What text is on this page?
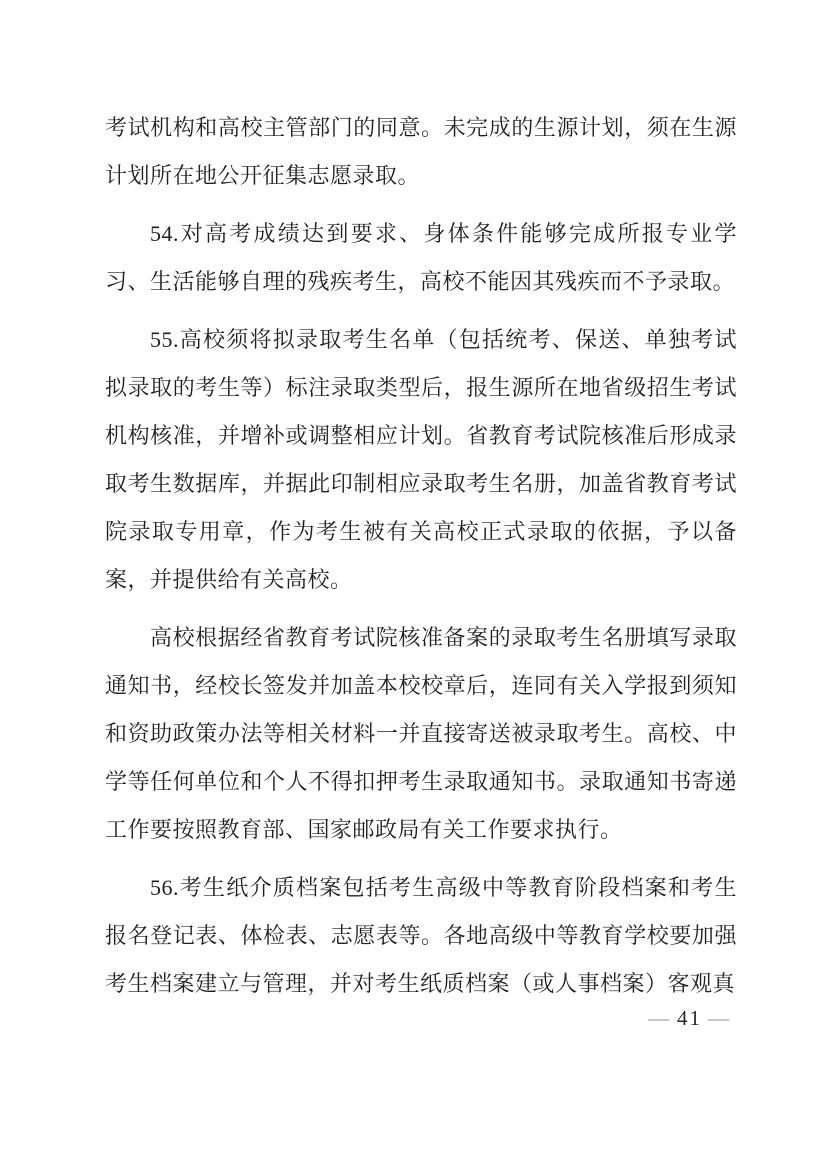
考试机构和高校主管部门的同意。未完成的生源计划，须在生源计划所在地公开征集志愿录取。

54.对高考成绩达到要求、身体条件能够完成所报专业学习、生活能够自理的残疾考生，高校不能因其残疾而不予录取。

55.高校须将拟录取考生名单（包括统考、保送、单独考试拟录取的考生等）标注录取类型后，报生源所在地省级招生考试机构核准，并增补或调整相应计划。省教育考试院核准后形成录取考生数据库，并据此印制相应录取考生名册，加盖省教育考试院录取专用章，作为考生被有关高校正式录取的依据，予以备案，并提供给有关高校。

高校根据经省教育考试院核准备案的录取考生名册填写录取通知书，经校长签发并加盖本校校章后，连同有关入学报到须知和资助政策办法等相关材料一并直接寄送被录取考生。高校、中学等任何单位和个人不得扣押考生录取通知书。录取通知书寄递工作要按照教育部、国家邮政局有关工作要求执行。

56.考生纸介质档案包括考生高级中等教育阶段档案和考生报名登记表、体检表、志愿表等。各地高级中等教育学校要加强考生档案建立与管理，并对考生纸质档案（或人事档案）客观真

— 41 —
